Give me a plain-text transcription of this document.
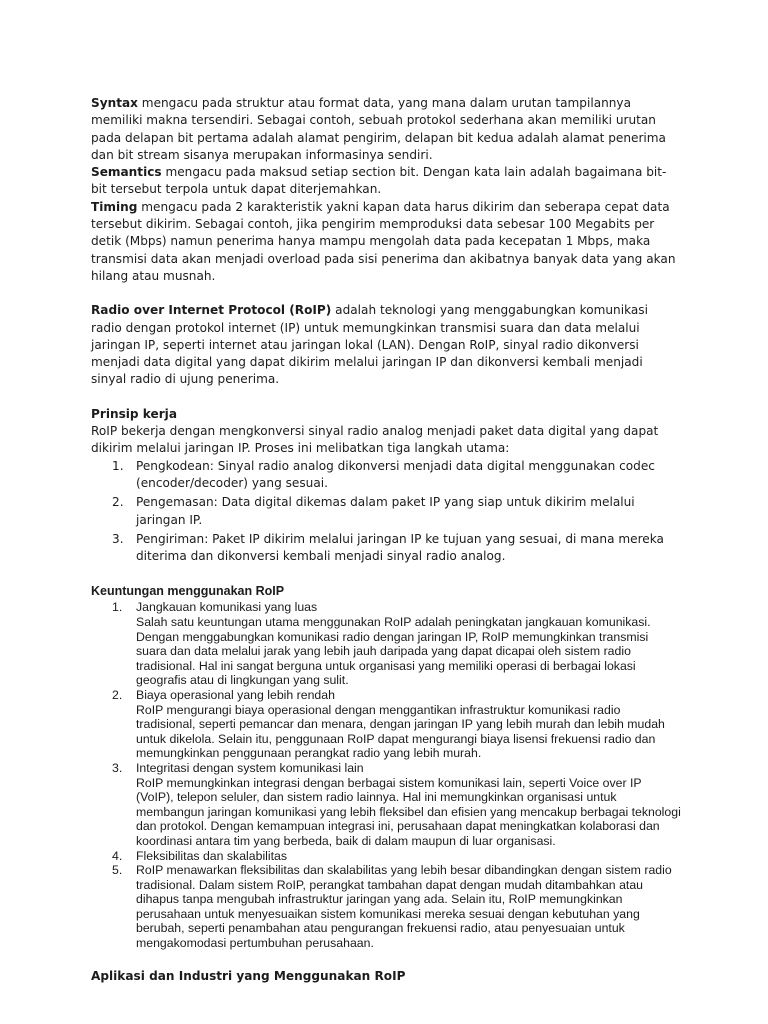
Syntax mengacu pada struktur atau format data, yang mana dalam urutan tampilannya memiliki makna tersendiri. Sebagai contoh, sebuah protokol sederhana akan memiliki urutan pada delapan bit pertama adalah alamat pengirim, delapan bit kedua adalah alamat penerima dan bit stream sisanya merupakan informasinya sendiri.

Semantics mengacu pada maksud setiap section bit. Dengan kata lain adalah bagaimana bit-bit tersebut terpola untuk dapat diterjemahkan.

Timing mengacu pada 2 karakteristik yakni kapan data harus dikirim dan seberapa cepat data tersebut dikirim. Sebagai contoh, jika pengirim memproduksi data sebesar 100 Megabits per detik (Mbps) namun penerima hanya mampu mengolah data pada kecepatan 1 Mbps, maka transmisi data akan menjadi overload pada sisi penerima dan akibatnya banyak data yang akan hilang atau musnah.

Radio over Internet Protocol (RoIP) adalah teknologi yang menggabungkan komunikasi radio dengan protokol internet (IP) untuk memungkinkan transmisi suara dan data melalui jaringan IP, seperti internet atau jaringan lokal (LAN). Dengan RoIP, sinyal radio dikonversi menjadi data digital yang dapat dikirim melalui jaringan IP dan dikonversi kembali menjadi sinyal radio di ujung penerima.

Prinsip kerja

RoIP bekerja dengan mengkonversi sinyal radio analog menjadi paket data digital yang dapat dikirim melalui jaringan IP. Proses ini melibatkan tiga langkah utama:

1. Pengkodean: Sinyal radio analog dikonversi menjadi data digital menggunakan codec (encoder/decoder) yang sesuai.
2. Pengemasan: Data digital dikemas dalam paket IP yang siap untuk dikirim melalui jaringan IP.
3. Pengiriman: Paket IP dikirim melalui jaringan IP ke tujuan yang sesuai, di mana mereka diterima dan dikonversi kembali menjadi sinyal radio analog.

Keuntungan menggunakan RoIP

1. Jangkauan komunikasi yang luas
Salah satu keuntungan utama menggunakan RoIP adalah peningkatan jangkauan komunikasi. Dengan menggabungkan komunikasi radio dengan jaringan IP, RoIP memungkinkan transmisi suara dan data melalui jarak yang lebih jauh daripada yang dapat dicapai oleh sistem radio tradisional. Hal ini sangat berguna untuk organisasi yang memiliki operasi di berbagai lokasi geografis atau di lingkungan yang sulit.
2. Biaya operasional yang lebih rendah
RoIP mengurangi biaya operasional dengan menggantikan infrastruktur komunikasi radio tradisional, seperti pemancar dan menara, dengan jaringan IP yang lebih murah dan lebih mudah untuk dikelola. Selain itu, penggunaan RoIP dapat mengurangi biaya lisensi frekuensi radio dan memungkinkan penggunaan perangkat radio yang lebih murah.
3. Integritasi dengan system komunikasi lain
RoIP memungkinkan integrasi dengan berbagai sistem komunikasi lain, seperti Voice over IP (VoIP), telepon seluler, dan sistem radio lainnya. Hal ini memungkinkan organisasi untuk membangun jaringan komunikasi yang lebih fleksibel dan efisien yang mencakup berbagai teknologi dan protokol. Dengan kemampuan integrasi ini, perusahaan dapat meningkatkan kolaborasi dan koordinasi antara tim yang berbeda, baik di dalam maupun di luar organisasi.
4. Fleksibilitas dan skalabilitas
5. RoIP menawarkan fleksibilitas dan skalabilitas yang lebih besar dibandingkan dengan sistem radio tradisional. Dalam sistem RoIP, perangkat tambahan dapat dengan mudah ditambahkan atau dihapus tanpa mengubah infrastruktur jaringan yang ada. Selain itu, RoIP memungkinkan perusahaan untuk menyesuaikan sistem komunikasi mereka sesuai dengan kebutuhan yang berubah, seperti penambahan atau pengurangan frekuensi radio, atau penyesuaian untuk mengakomodasi pertumbuhan perusahaan.

Aplikasi dan Industri yang Menggunakan RoIP
